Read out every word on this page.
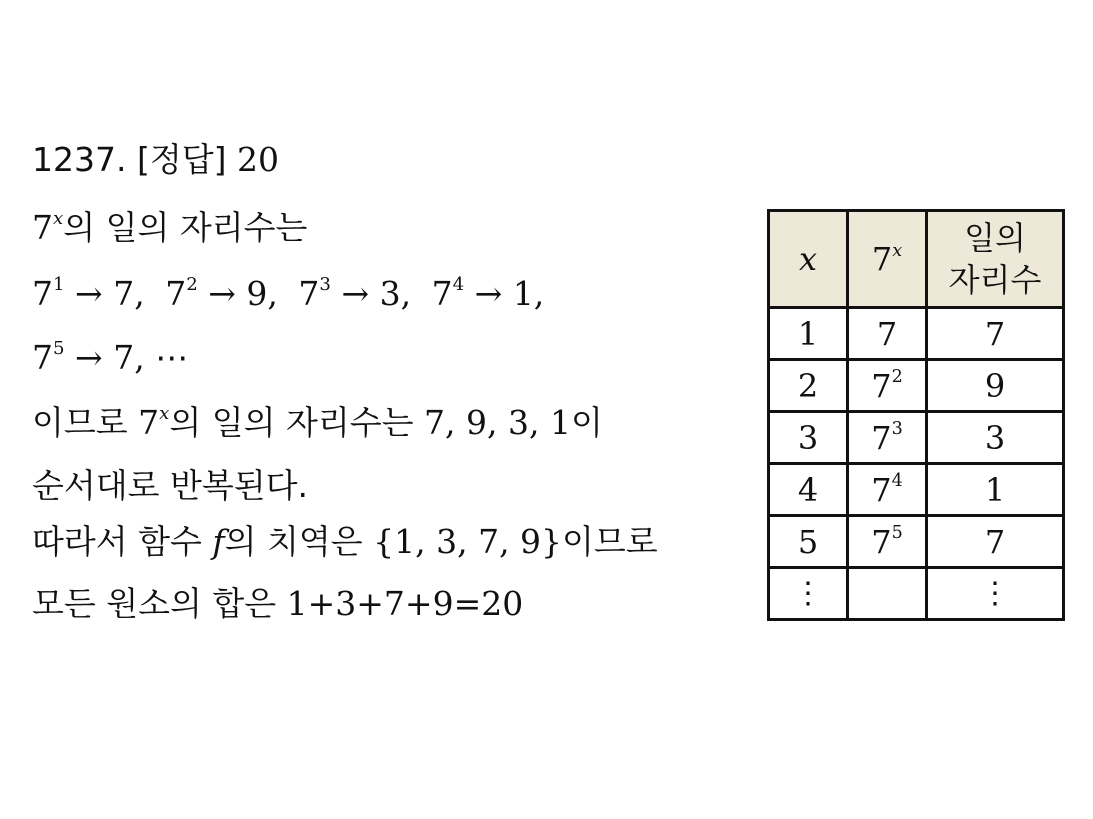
1237. [정답] 20
7$^x$의 일의 자리수는
$7^1 \to 7$, $7^2 \to 9$, $7^3 \to 3$, $7^4 \to 1$,
$7^5 \to 7$, ⋯
이므로 7$^x$의 일의 자리수는 7, 9, 3, 1이
순서대로 반복된다.
따라서 함수 f의 치역은 {1, 3, 7, 9}이므로
모든 원소의 합은 1+3+7+9=20
x	7$^x$	일의
자리수
1	7	7
2	$7^2$	9
3	$7^3$	3
4	$7^4$	1
5	$7^5$	7
⋮		⋮
